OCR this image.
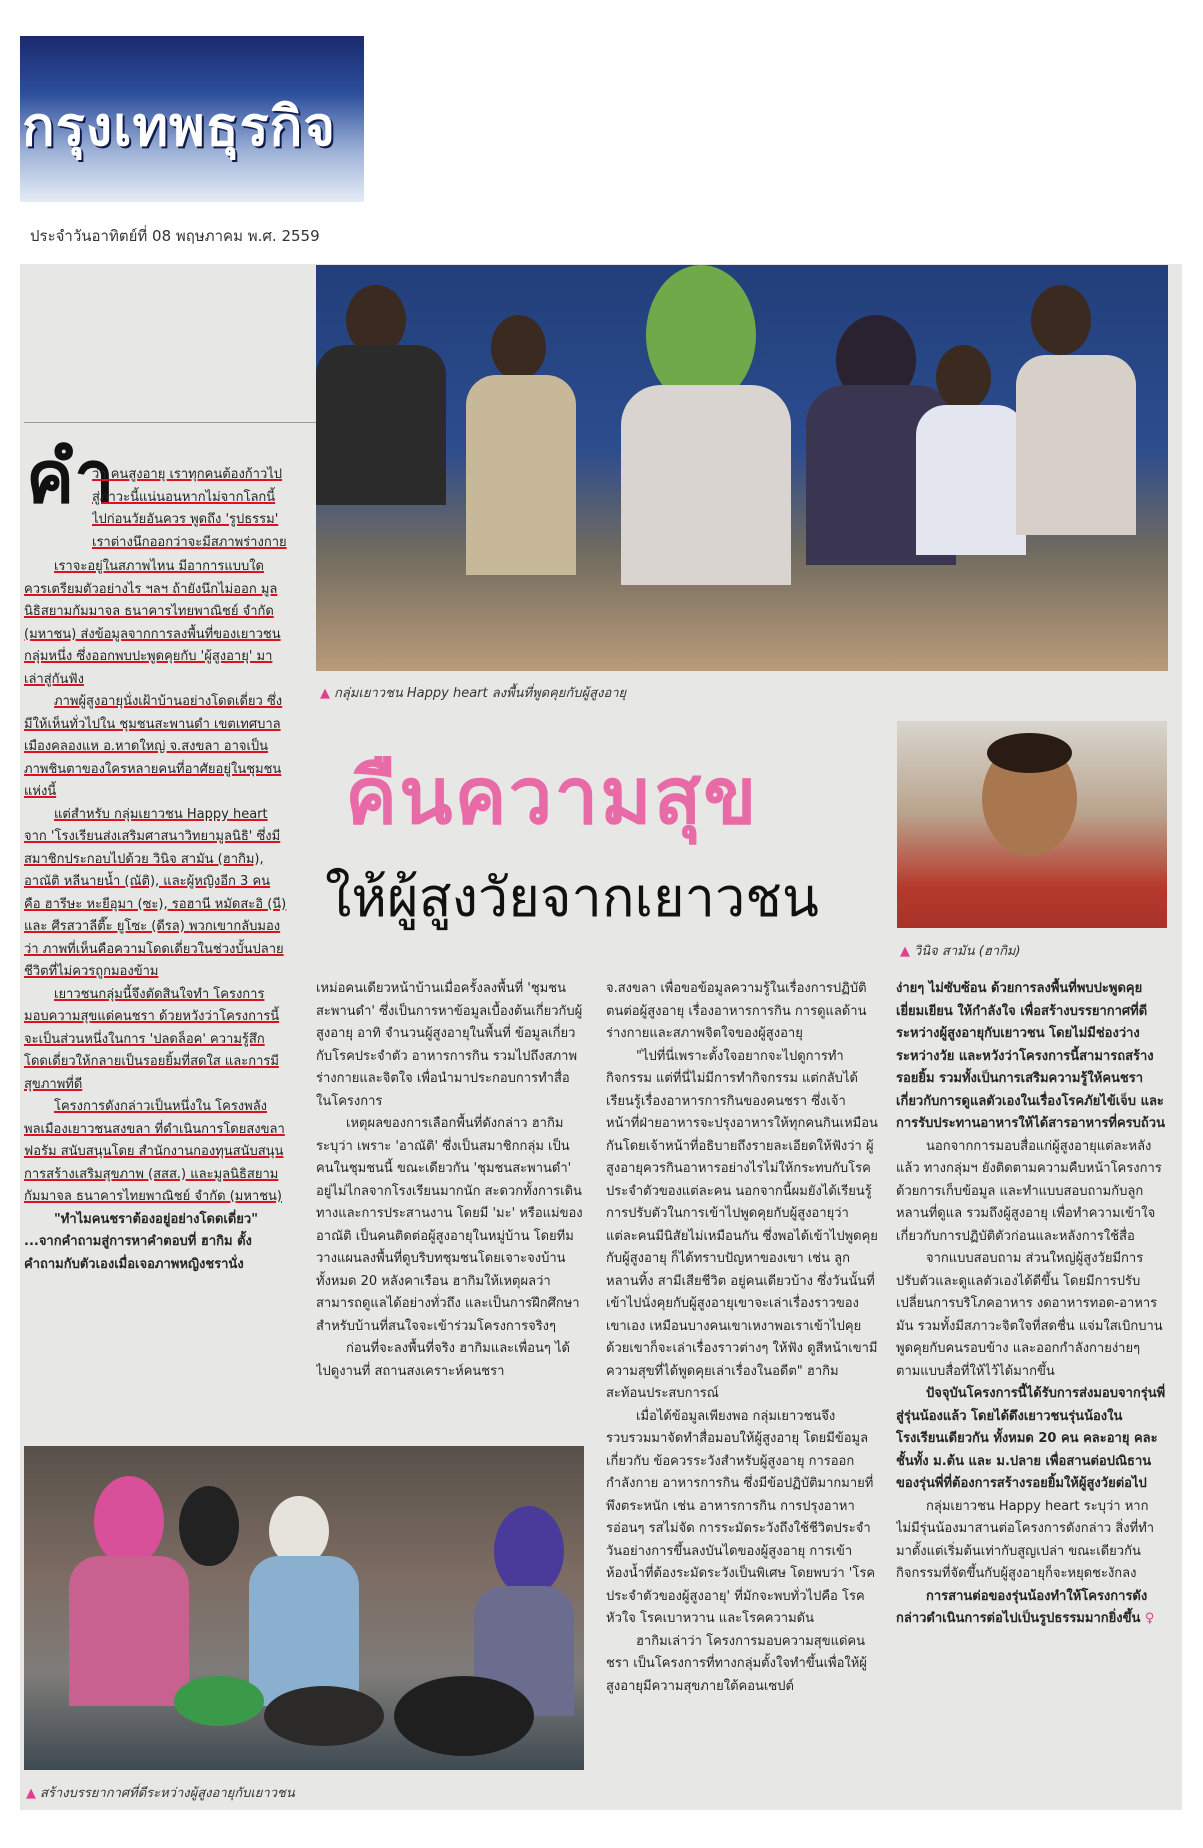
กรุงเทพธุรกิจ
ประจำวันอาทิตย์ที่ 08 พฤษภาคม พ.ศ. 2559
▲ กลุ่มเยาวชน Happy heart ลงพื้นที่พูดคุยกับผู้สูงอายุ
▲ วินิจ สามัน (ฮากิม)
คืนความสุข
ให้ผู้สูงวัยจากเยาวชน
▲ สร้างบรรยากาศที่ดีระหว่างผู้สูงอายุกับเยาวชน
คำ

ว่า คนสูงอายุ เราทุกคนต้องก้าวไปสู่ภาวะนี้แน่นอนหากไม่จากโลกนี้ไปก่อนวัยอันควร พูดถึง 'รูปธรรม' เราต่างนึกออกว่าจะมีสภาพร่างกาย

เราจะอยู่ในสภาพไหน มีอาการแบบใด ควรเตรียมตัวอย่างไร ฯลฯ ถ้ายังนึกไม่ออก มูลนิธิสยามกัมมาจล ธนาคารไทยพาณิชย์ จำกัด (มหาชน) ส่งข้อมูลจากการลงพื้นที่ของเยาวชนกลุ่มหนึ่ง ซึ่งออกพบปะพูดคุยกับ 'ผู้สูงอายุ' มาเล่าสู่กันฟัง

ภาพผู้สูงอายุนั่งเฝ้าบ้านอย่างโดดเดี่ยว ซึ่งมีให้เห็นทั่วไปใน ชุมชนสะพานดำ เขตเทศบาลเมืองคลองแห อ.หาดใหญ่ จ.สงขลา อาจเป็นภาพชินตาของใครหลายคนที่อาศัยอยู่ในชุมชนแห่งนี้

แต่สำหรับ กลุ่มเยาวชน Happy heart จาก 'โรงเรียนส่งเสริมศาสนาวิทยามูลนิธิ' ซึ่งมีสมาชิกประกอบไปด้วย วินิจ สามัน (ฮากิม), อาณัติ หลีนายน้ำ (ณัติ), และผู้หญิงอีก 3 คน คือ ฮารีษะ หะยีอุมา (ซะ), รอฮานี หมัดสะอิ (นี) และ ศีรสวาลีตี๊ะ ยูโซะ (ดีรล) พวกเขากลับมองว่า ภาพที่เห็นคือความโดดเดี่ยวในช่วงบั้นปลายชีวิตที่ไม่ควรถูกมองข้าม

เยาวชนกลุ่มนี้จึงตัดสินใจทำ โครงการมอบความสุขแด่คนชรา ด้วยหวังว่าโครงการนี้จะเป็นส่วนหนึ่งในการ 'ปลดล็อค' ความรู้สึกโดดเดี่ยวให้กลายเป็นรอยยิ้มที่สดใส และการมีสุขภาพที่ดี

โครงการดังกล่าวเป็นหนึ่งใน โครงพลังพลเมืองเยาวชนสงขลา ที่ดำเนินการโดยสงขลาฟอรัม สนับสนุนโดย สำนักงานกองทุนสนับสนุนการสร้างเสริมสุขภาพ (สสส.) และมูลนิธิสยามกัมมาจล ธนาคารไทยพาณิชย์ จำกัด (มหาชน)

"ทำไมคนชราต้องอยู่อย่างโดดเดี่ยว" ...จากคำถามสู่การหาคำตอบที่ ฮากิม ตั้งคำถามกับตัวเองเมื่อเจอภาพหญิงชรานั่ง

เหม่อคนเดียวหน้าบ้านเมื่อครั้งลงพื้นที่ 'ชุมชนสะพานดำ' ซึ่งเป็นการหาข้อมูลเบื้องต้นเกี่ยวกับผู้สูงอายุ อาทิ จำนวนผู้สูงอายุในพื้นที่ ข้อมูลเกี่ยวกับโรคประจำตัว อาหารการกิน รวมไปถึงสภาพร่างกายและจิตใจ เพื่อนำมาประกอบการทำสื่อในโครงการ

เหตุผลของการเลือกพื้นที่ดังกล่าว ฮากิม ระบุว่า เพราะ 'อาณัติ' ซึ่งเป็นสมาชิกกลุ่ม เป็นคนในชุมชนนี้ ขณะเดียวกัน 'ชุมชนสะพานดำ' อยู่ไม่ไกลจากโรงเรียนมากนัก สะดวกทั้งการเดินทางและการประสานงาน โดยมี 'มะ' หรือแม่ของอาณัติ เป็นคนติดต่อผู้สูงอายุในหมู่บ้าน โดยทีมวางแผนลงพื้นที่ดูบริบทชุมชนโดยเจาะจงบ้านทั้งหมด 20 หลังคาเรือน ฮากิมให้เหตุผลว่า สามารถดูแลได้อย่างทั่วถึง และเป็นการฝึกศึกษาสำหรับบ้านที่สนใจจะเข้าร่วมโครงการจริงๆ

ก่อนที่จะลงพื้นที่จริง ฮากิมและเพื่อนๆ ได้ไปดูงานที่ สถานสงเคราะห์คนชรา

จ.สงขลา เพื่อขอข้อมูลความรู้ในเรื่องการปฏิบัติตนต่อผู้สูงอายุ เรื่องอาหารการกิน การดูแลด้านร่างกายและสภาพจิตใจของผู้สูงอายุ

"ไปที่นี่เพราะตั้งใจอยากจะไปดูการทำกิจกรรม แต่ที่นี่ไม่มีการทำกิจกรรม แต่กลับได้เรียนรู้เรื่องอาหารการกินของคนชรา ซึ่งเจ้าหน้าที่ฝ่ายอาหารจะปรุงอาหารให้ทุกคนกินเหมือนกันโดยเจ้าหน้าที่อธิบายถึงรายละเอียดให้ฟังว่า ผู้สูงอายุควรกินอาหารอย่างไรไม่ให้กระทบกับโรคประจำตัวของแต่ละคน นอกจากนี้ผมยังได้เรียนรู้การปรับตัวในการเข้าไปพูดคุยกับผู้สูงอายุว่าแต่ละคนมีนิสัยไม่เหมือนกัน ซึ่งพอได้เข้าไปพูดคุยกับผู้สูงอายุ ก็ได้ทราบปัญหาของเขา เช่น ลูกหลานทิ้ง สามีเสียชีวิต อยู่คนเดียวบ้าง ซึ่งวันนั้นที่เข้าไปนั่งคุยกับผู้สูงอายุเขาจะเล่าเรื่องราวของเขาเอง เหมือนบางคนเขาเหงาพอเราเข้าไปคุยด้วยเขาก็จะเล่าเรื่องราวต่างๆ ให้ฟัง ดูสีหน้าเขามีความสุขที่ได้พูดคุยเล่าเรื่องในอดีต" ฮากิมสะท้อนประสบการณ์

เมื่อได้ข้อมูลเพียงพอ กลุ่มเยาวชนจึงรวบรวมมาจัดทำสื่อมอบให้ผู้สูงอายุ โดยมีข้อมูลเกี่ยวกับ ข้อควรระวังสำหรับผู้สูงอายุ การออกกำลังกาย อาหารการกิน ซึ่งมีข้อปฏิบัติมากมายที่พึงตระหนัก เช่น อาหารการกิน การปรุงอาหารอ่อนๆ รสไม่จัด การระมัดระวังถึงใช้ชีวิตประจำวันอย่างการขึ้นลงบันไดของผู้สูงอายุ การเข้าห้องน้ำที่ต้องระมัดระวังเป็นพิเศษ โดยพบว่า 'โรคประจำตัวของผู้สูงอายุ' ที่มักจะพบทั่วไปคือ โรคหัวใจ โรคเบาหวาน และโรคความดัน

ฮากิมเล่าว่า โครงการมอบความสุขแด่คนชรา เป็นโครงการที่ทางกลุ่มตั้งใจทำขึ้นเพื่อให้ผู้สูงอายุมีความสุขภายใต้คอนเซปต์

ง่ายๆ ไม่ซับซ้อน ด้วยการลงพื้นที่พบปะพูดคุยเยี่ยมเยียน ให้กำลังใจ เพื่อสร้างบรรยากาศที่ดีระหว่างผู้สูงอายุกับเยาวชน โดยไม่มีช่องว่างระหว่างวัย และหวังว่าโครงการนี้สามารถสร้างรอยยิ้ม รวมทั้งเป็นการเสริมความรู้ให้คนชราเกี่ยวกับการดูแลตัวเองในเรื่องโรคภัยไข้เจ็บ และการรับประทานอาหารให้ได้สารอาหารที่ครบถ้วน

นอกจากการมอบสื่อแก่ผู้สูงอายุแต่ละหลังแล้ว ทางกลุ่มฯ ยังติดตามความคืบหน้าโครงการด้วยการเก็บข้อมูล และทำแบบสอบถามกับลูกหลานที่ดูแล รวมถึงผู้สูงอายุ เพื่อทำความเข้าใจเกี่ยวกับการปฏิบัติตัวก่อนและหลังการใช้สื่อ

จากแบบสอบถาม ส่วนใหญ่ผู้สูงวัยมีการปรับตัวและดูแลตัวเองได้ดีขึ้น โดยมีการปรับเปลี่ยนการบริโภคอาหาร งดอาหารทอด-อาหารมัน รวมทั้งมีสภาวะจิตใจที่สดชื่น แจ่มใสเบิกบาน พูดคุยกับคนรอบข้าง และออกกำลังกายง่ายๆ ตามแบบสื่อที่ให้ไว้ได้มากขึ้น

ปัจจุบันโครงการนี้ได้รับการส่งมอบจากรุ่นพี่สู่รุ่นน้องแล้ว โดยได้ดึงเยาวชนรุ่นน้องในโรงเรียนเดียวกัน ทั้งหมด 20 คน คละอายุ คละชั้นทั้ง ม.ต้น และ ม.ปลาย เพื่อสานต่อปณิธานของรุ่นพี่ที่ต้องการสร้างรอยยิ้มให้ผู้สูงวัยต่อไป

กลุ่มเยาวชน Happy heart ระบุว่า หากไม่มีรุ่นน้องมาสานต่อโครงการดังกล่าว สิ่งที่ทำมาตั้งแต่เริ่มต้นเท่ากับสูญเปล่า ขณะเดียวกันกิจกรรมที่จัดขึ้นกับผู้สูงอายุก็จะหยุดชะงักลง

การสานต่อของรุ่นน้องทำให้โครงการดังกล่าวดำเนินการต่อไปเป็นรูปธรรมมากยิ่งขึ้น ♀
